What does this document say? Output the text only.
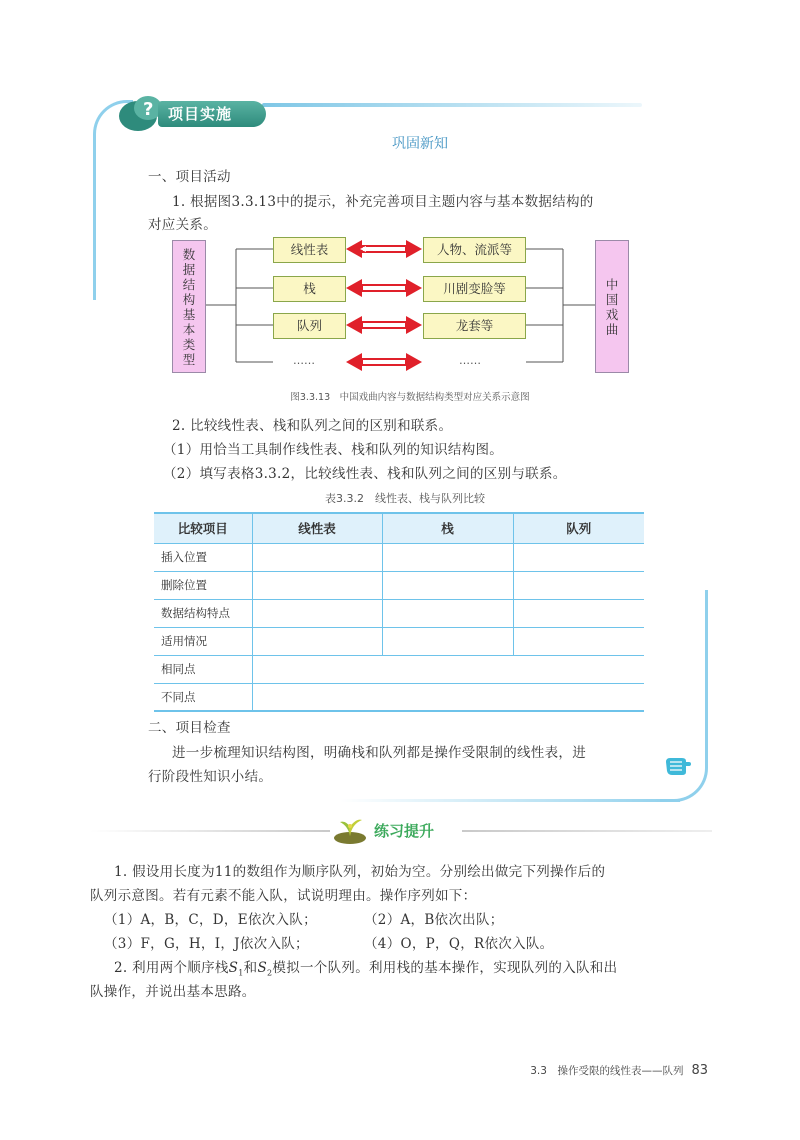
? 项目实施
巩固新知
一、项目活动
1. 根据图3.3.13中的提示，补充完善项目主题内容与基本数据结构的
对应关系。
数
据
结
构
基
本
类
型
中
国
戏
曲
线性表
栈
队列
……
人物、流派等
川剧变脸等
龙套等
……
图3.3.13　中国戏曲内容与数据结构类型对应关系示意图
2. 比较线性表、栈和队列之间的区别和联系。
（1）用恰当工具制作线性表、栈和队列的知识结构图。
（2）填写表格3.3.2，比较线性表、栈和队列之间的区别与联系。
表3.3.2　线性表、栈与队列比较
比较项目	线性表	栈	队列
插入位置			
删除位置			
数据结构特点			
适用情况			
相同点			
不同点			
二、项目检查
进一步梳理知识结构图，明确栈和队列都是操作受限制的线性表，进
行阶段性知识小结。
练习提升
1. 假设用长度为11的数组作为顺序队列，初始为空。分别绘出做完下列操作后的
队列示意图。若有元素不能入队，试说明理由。操作序列如下：
（1）A，B，C，D，E依次入队；	（2）A，B依次出队；
（3）F，G，H，I，J依次入队；	（4）O，P，Q，R依次入队。
2. 利用两个顺序栈$S_1$和$S_2$模拟一个队列。利用栈的基本操作，实现队列的入队和出
队操作，并说出基本思路。
3.3　操作受限的线性表——队列 83
